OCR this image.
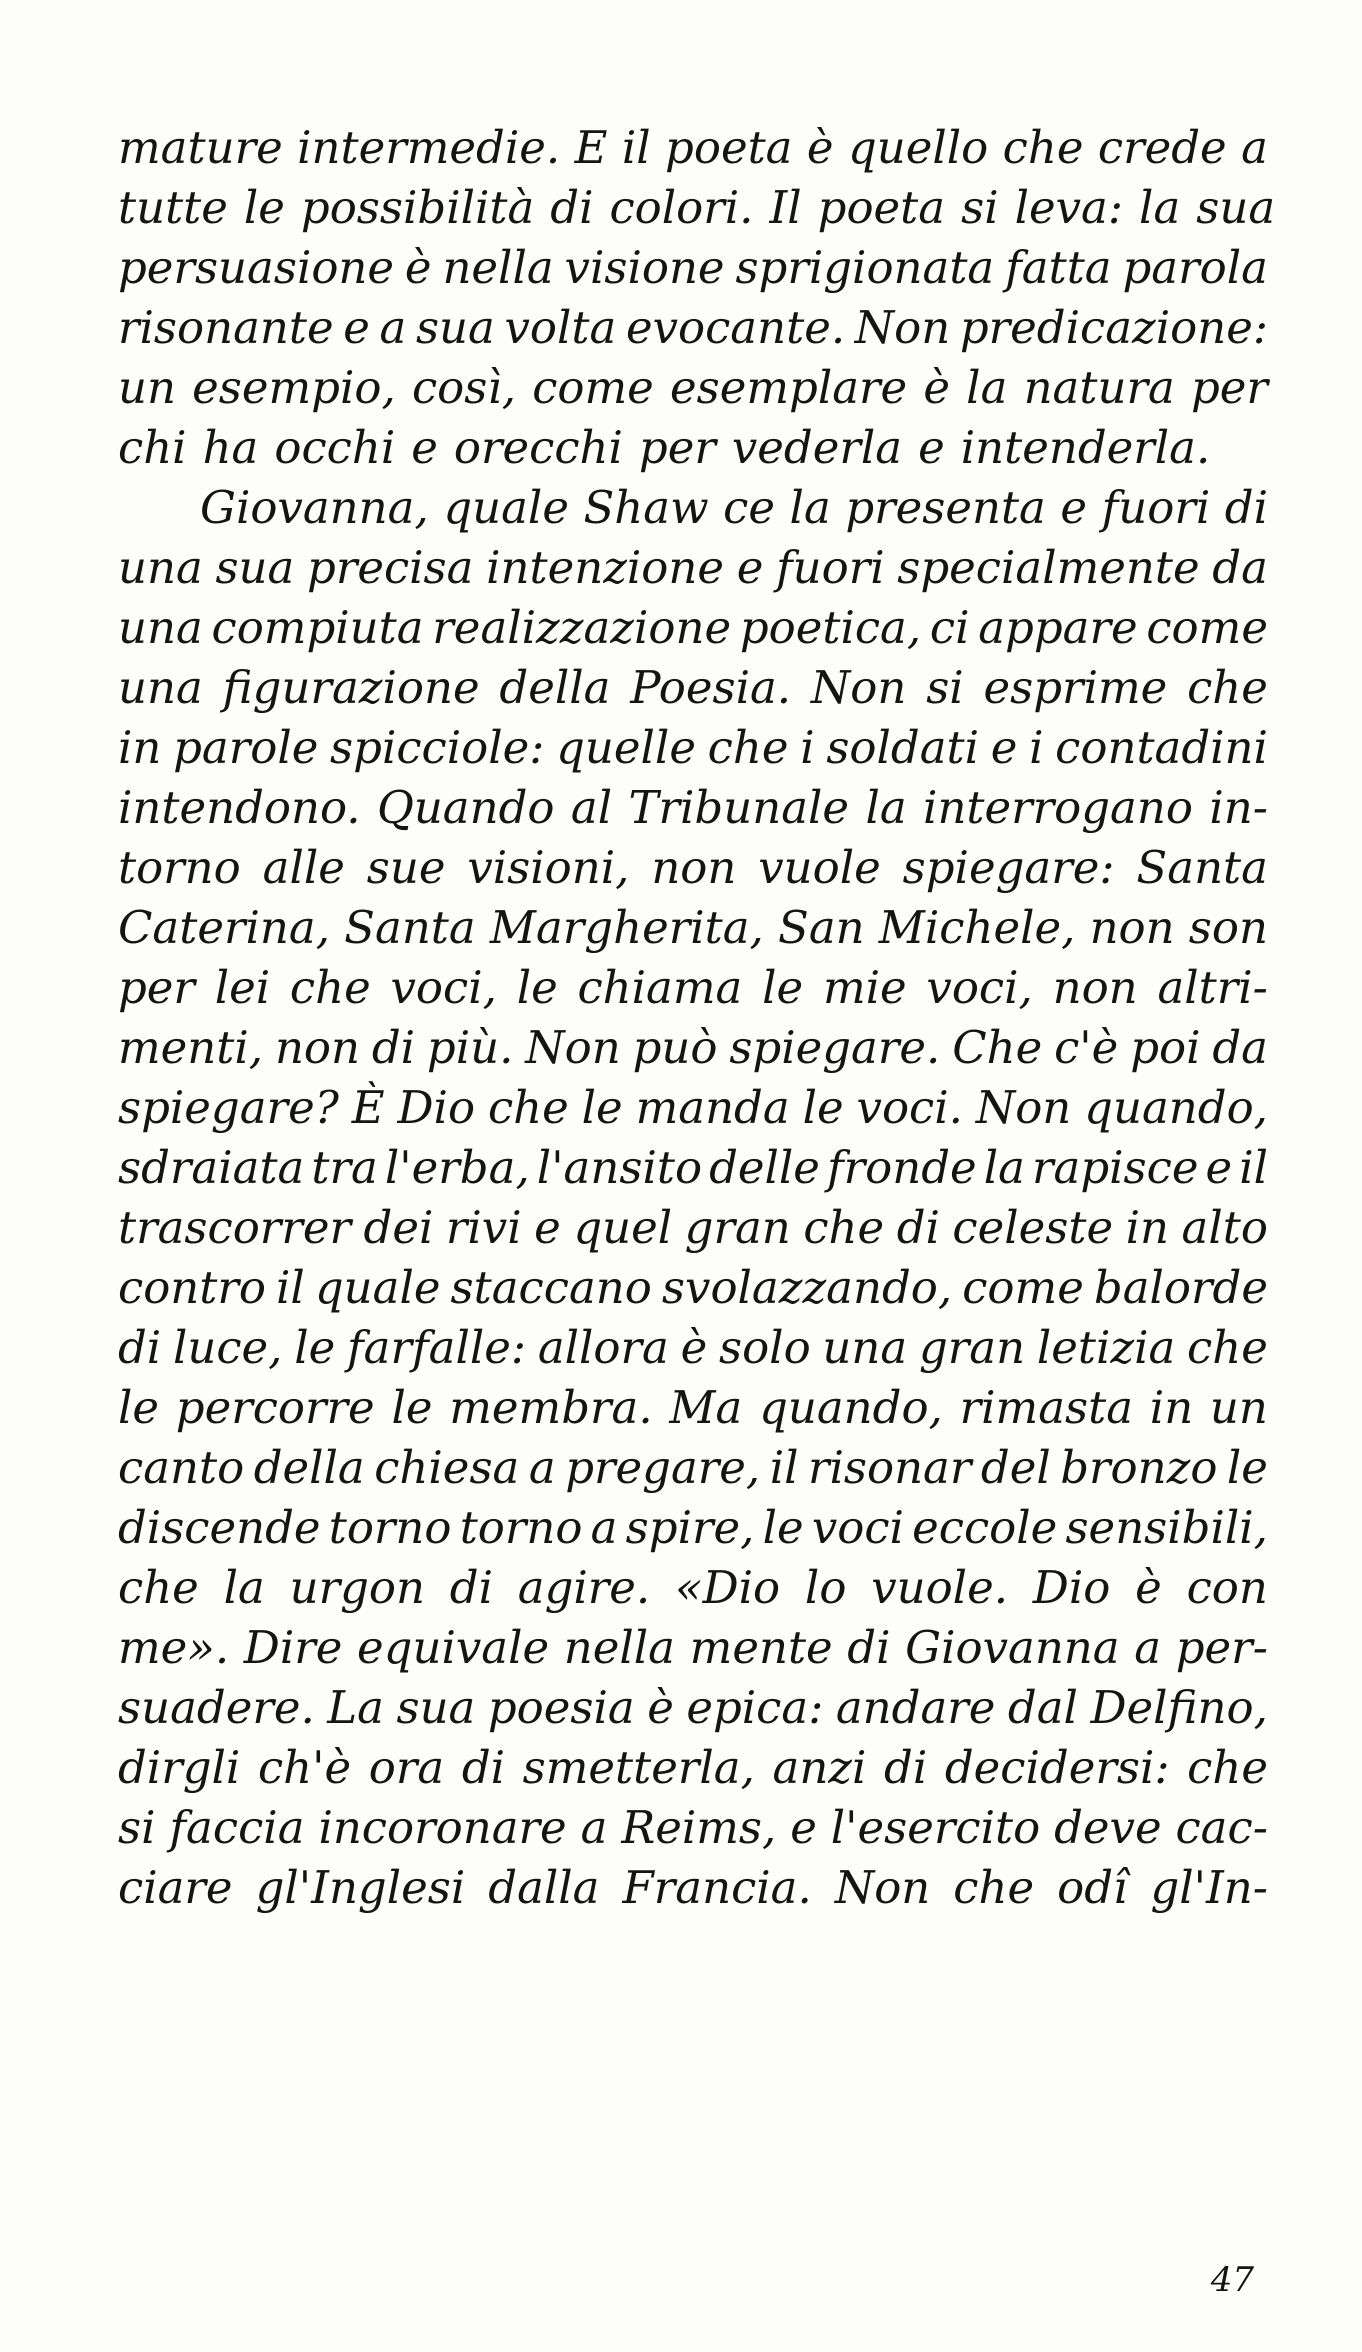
mature intermedie. E il poeta è quello che crede a
tutte le possibilità di colori. Il poeta si leva: la sua
persuasione è nella visione sprigionata fatta parola
risonante e a sua volta evocante. Non predicazione:
un esempio, così, come esemplare è la natura per
chi ha occhi e orecchi per vederla e intenderla.
Giovanna, quale Shaw ce la presenta e fuori di
una sua precisa intenzione e fuori specialmente da
una compiuta realizzazione poetica, ci appare come
una figurazione della Poesia. Non si esprime che
in parole spicciole: quelle che i soldati e i contadini
intendono. Quando al Tribunale la interrogano in-
torno alle sue visioni, non vuole spiegare: Santa
Caterina, Santa Margherita, San Michele, non son
per lei che voci, le chiama le mie voci, non altri-
menti, non di più. Non può spiegare. Che c'è poi da
spiegare? È Dio che le manda le voci. Non quando,
sdraiata tra l'erba, l'ansito delle fronde la rapisce e il
trascorrer dei rivi e quel gran che di celeste in alto
contro il quale staccano svolazzando, come balorde
di luce, le farfalle: allora è solo una gran letizia che
le percorre le membra. Ma quando, rimasta in un
canto della chiesa a pregare, il risonar del bronzo le
discende torno torno a spire, le voci eccole sensibili,
che la urgon di agire. «Dio lo vuole. Dio è con
me». Dire equivale nella mente di Giovanna a per-
suadere. La sua poesia è epica: andare dal Delfino,
dirgli ch'è ora di smetterla, anzi di decidersi: che
si faccia incoronare a Reims, e l'esercito deve cac-
ciare gl'Inglesi dalla Francia. Non che odî gl'In-
47
